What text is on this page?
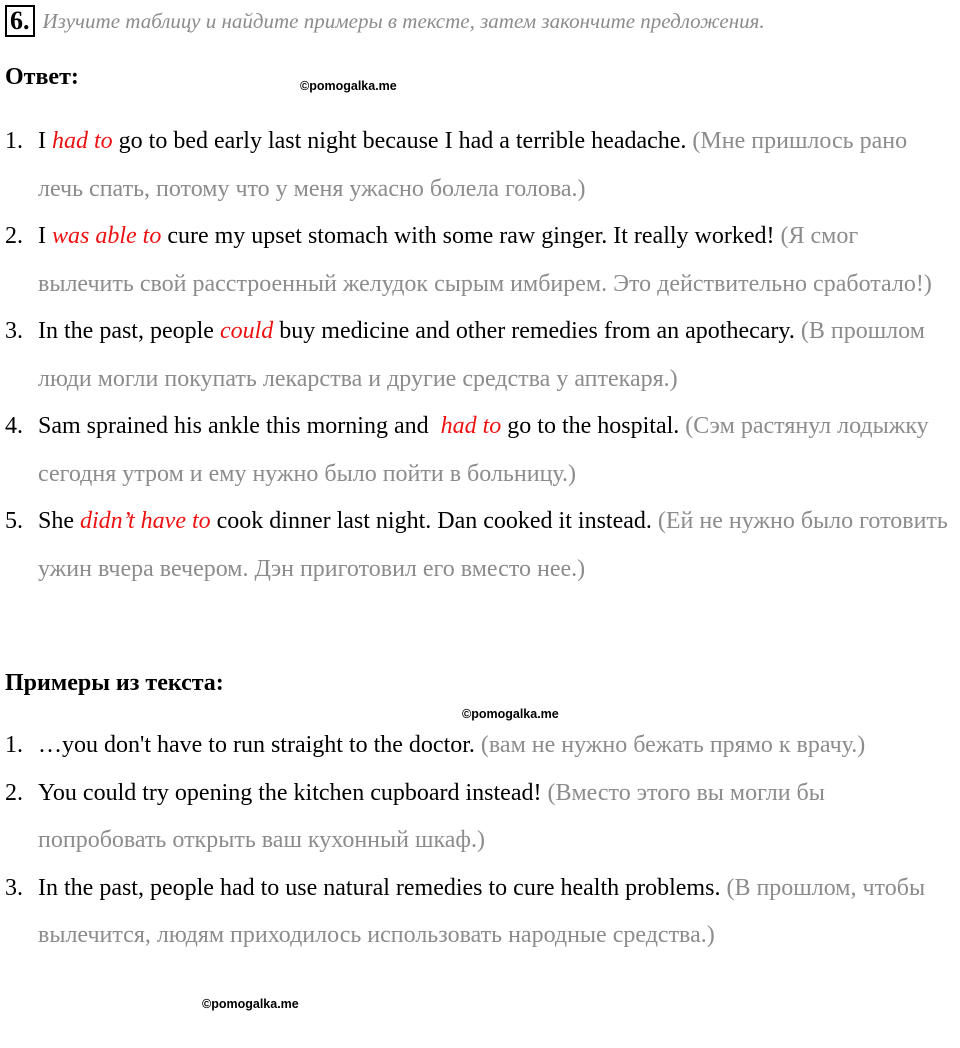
6. Изучите таблицу и найдите примеры в тексте, затем закончите предложения.
Ответ:	©pomogalka.me
1. I had to go to bed early last night because I had a terrible headache. (Мне пришлось рано лечь спать, потому что у меня ужасно болела голова.)
2. I was able to cure my upset stomach with some raw ginger. It really worked! (Я смог вылечить свой расстроенный желудок сырым имбирем. Это действительно сработало!)
3. In the past, people could buy medicine and other remedies from an apothecary. (В прошлом люди могли покупать лекарства и другие средства у аптекаря.)
4. Sam sprained his ankle this morning and  had to go to the hospital. (Сэм растянул лодыжку сегодня утром и ему нужно было пойти в больницу.)
5. She didn’t have to cook dinner last night. Dan cooked it instead. (Ей не нужно было готовить ужин вчера вечером. Дэн приготовил его вместо нее.)
Примеры из текста:
©pomogalka.me
1. …you don't have to run straight to the doctor. (вам не нужно бежать прямо к врачу.)
2. You could try opening the kitchen cupboard instead! (Вместо этого вы могли бы попробовать открыть ваш кухонный шкаф.)
3. In the past, people had to use natural remedies to cure health problems. (В прошлом, чтобы вылечится, людям приходилось использовать народные средства.)
©pomogalka.me
